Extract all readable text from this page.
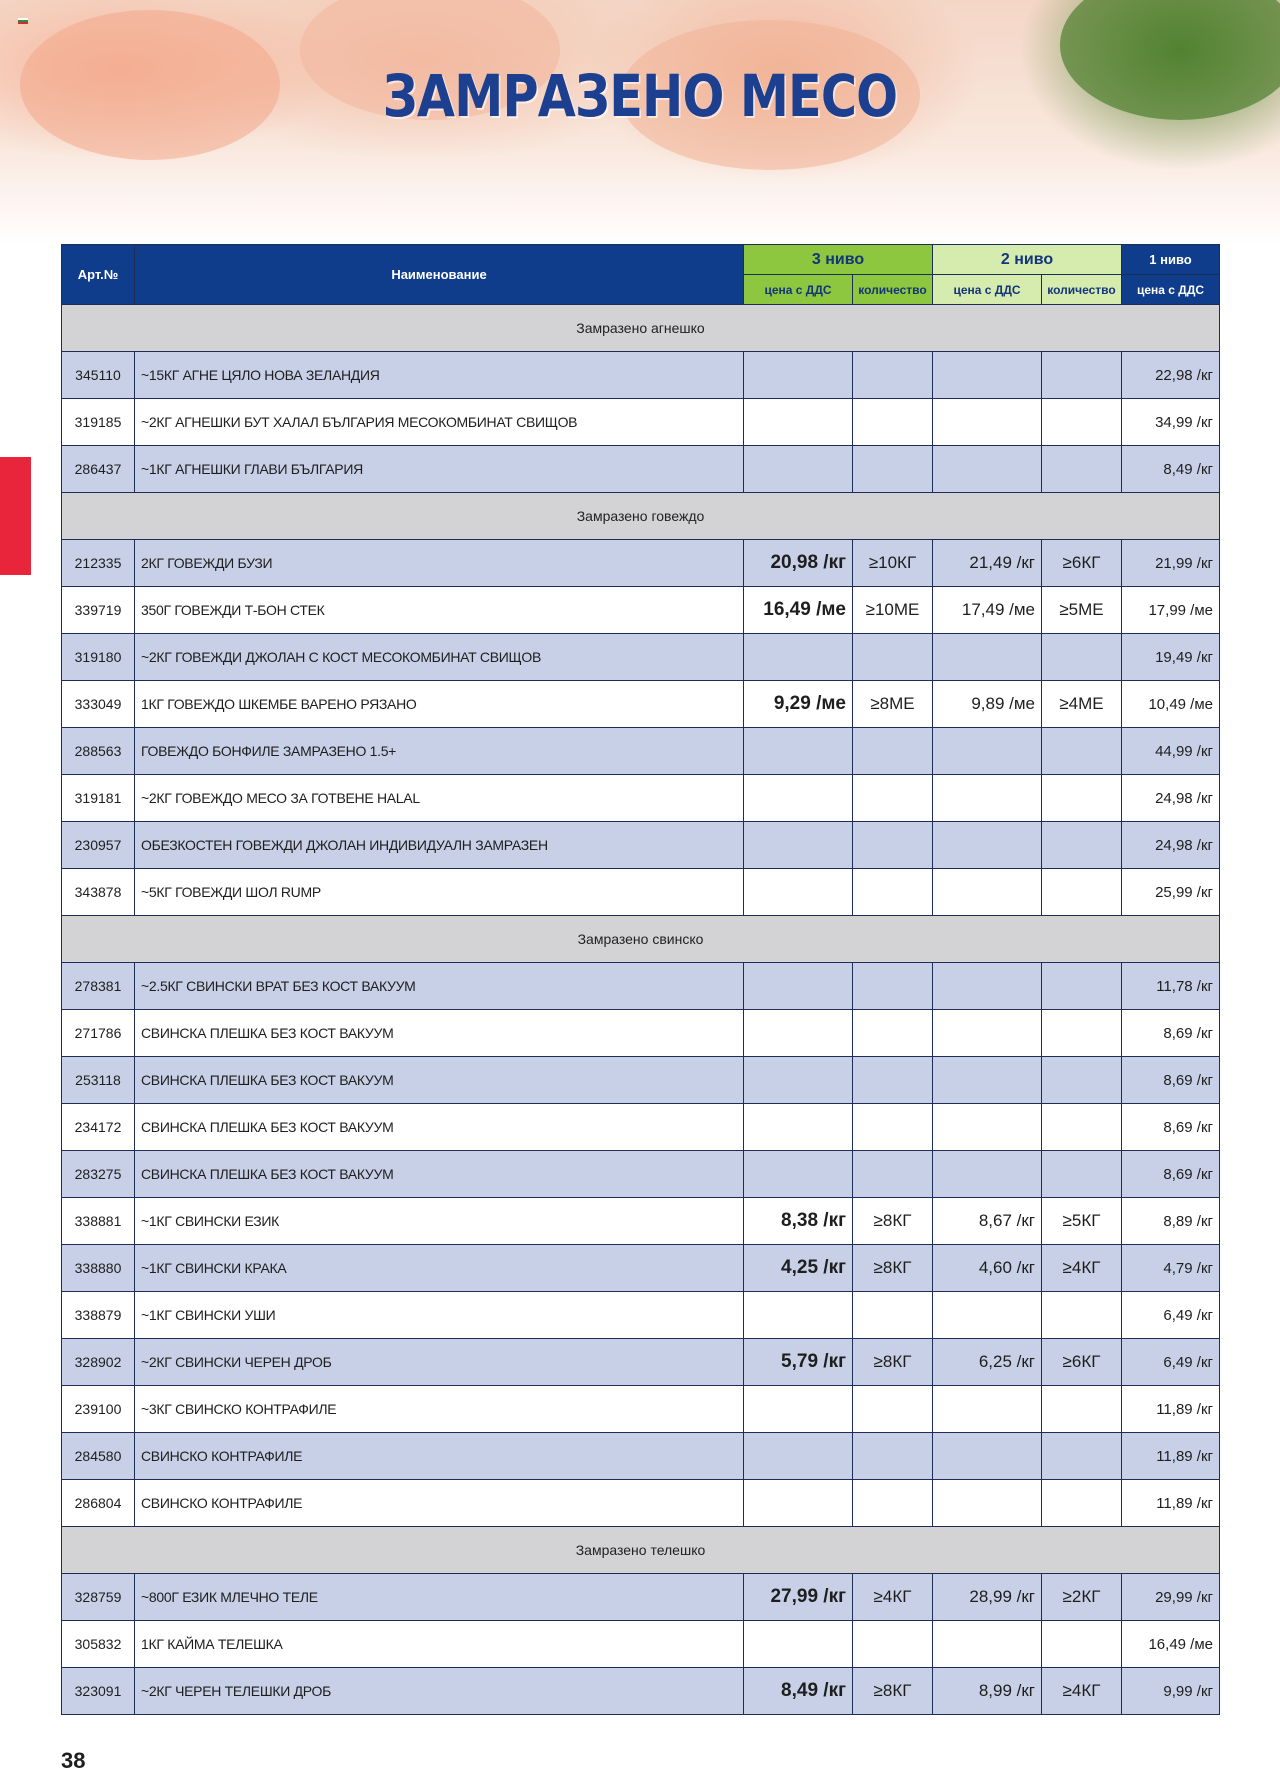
ЗАМРАЗЕНО МЕСО
Арт.№	Наименование	3 ниво		2 ниво		1 ниво
		цена с ДДС	количество	цена с ДДС	количество	цена с ДДС
Замразено агнешко						
345110	~15КГ АГНЕ ЦЯЛО НОВА ЗЕЛАНДИЯ					22,98 /кг
319185	~2КГ АГНЕШКИ БУТ ХАЛАЛ БЪЛГАРИЯ МЕСОКОМБИНАТ СВИЩОВ					34,99 /кг
286437	~1КГ АГНЕШКИ ГЛАВИ БЪЛГАРИЯ					8,49 /кг
Замразено говеждо						
212335	2КГ ГОВЕЖДИ БУЗИ	20,98 /кг	≥10КГ	21,49 /кг	≥6КГ	21,99 /кг
339719	350Г ГОВЕЖДИ Т-БОН СТЕК	16,49 /ме	≥10МЕ	17,49 /ме	≥5МЕ	17,99 /ме
319180	~2КГ ГОВЕЖДИ ДЖОЛАН С КОСТ МЕСОКОМБИНАТ СВИЩОВ					19,49 /кг
333049	1КГ ГОВЕЖДО ШКЕМБЕ ВАРЕНО РЯЗАНО	9,29 /ме	≥8МЕ	9,89 /ме	≥4МЕ	10,49 /ме
288563	ГОВЕЖДО БОНФИЛЕ ЗАМРАЗЕНО 1.5+					44,99 /кг
319181	~2КГ ГОВЕЖДО МЕСО ЗА ГОТВЕНЕ HALAL					24,98 /кг
230957	ОБЕЗКОСТЕН ГОВЕЖДИ ДЖОЛАН ИНДИВИДУАЛН ЗАМРАЗЕН					24,98 /кг
343878	~5КГ ГОВЕЖДИ ШОЛ RUMP					25,99 /кг
Замразено свинско						
278381	~2.5КГ СВИНСКИ ВРАТ БЕЗ КОСТ ВАКУУМ					11,78 /кг
271786	СВИНСКА ПЛЕШКА БЕЗ КОСТ ВАКУУМ					8,69 /кг
253118	СВИНСКА ПЛЕШКА БЕЗ КОСТ ВАКУУМ					8,69 /кг
234172	СВИНСКА ПЛЕШКА БЕЗ КОСТ ВАКУУМ					8,69 /кг
283275	СВИНСКА ПЛЕШКА БЕЗ КОСТ ВАКУУМ					8,69 /кг
338881	~1КГ СВИНСКИ ЕЗИК	8,38 /кг	≥8КГ	8,67 /кг	≥5КГ	8,89 /кг
338880	~1КГ СВИНСКИ КРАКА	4,25 /кг	≥8КГ	4,60 /кг	≥4КГ	4,79 /кг
338879	~1КГ СВИНСКИ УШИ					6,49 /кг
328902	~2КГ СВИНСКИ ЧЕРЕН ДРОБ	5,79 /кг	≥8КГ	6,25 /кг	≥6КГ	6,49 /кг
239100	~3КГ СВИНСКО КОНТРАФИЛЕ					11,89 /кг
284580	СВИНСКО КОНТРАФИЛЕ					11,89 /кг
286804	СВИНСКО КОНТРАФИЛЕ					11,89 /кг
Замразено телешко						
328759	~800Г ЕЗИК МЛЕЧНО ТЕЛЕ	27,99 /кг	≥4КГ	28,99 /кг	≥2КГ	29,99 /кг
305832	1КГ КАЙМА ТЕЛЕШКА					16,49 /ме
323091	~2КГ ЧЕРЕН ТЕЛЕШКИ ДРОБ	8,49 /кг	≥8КГ	8,99 /кг	≥4КГ	9,99 /кг
38
